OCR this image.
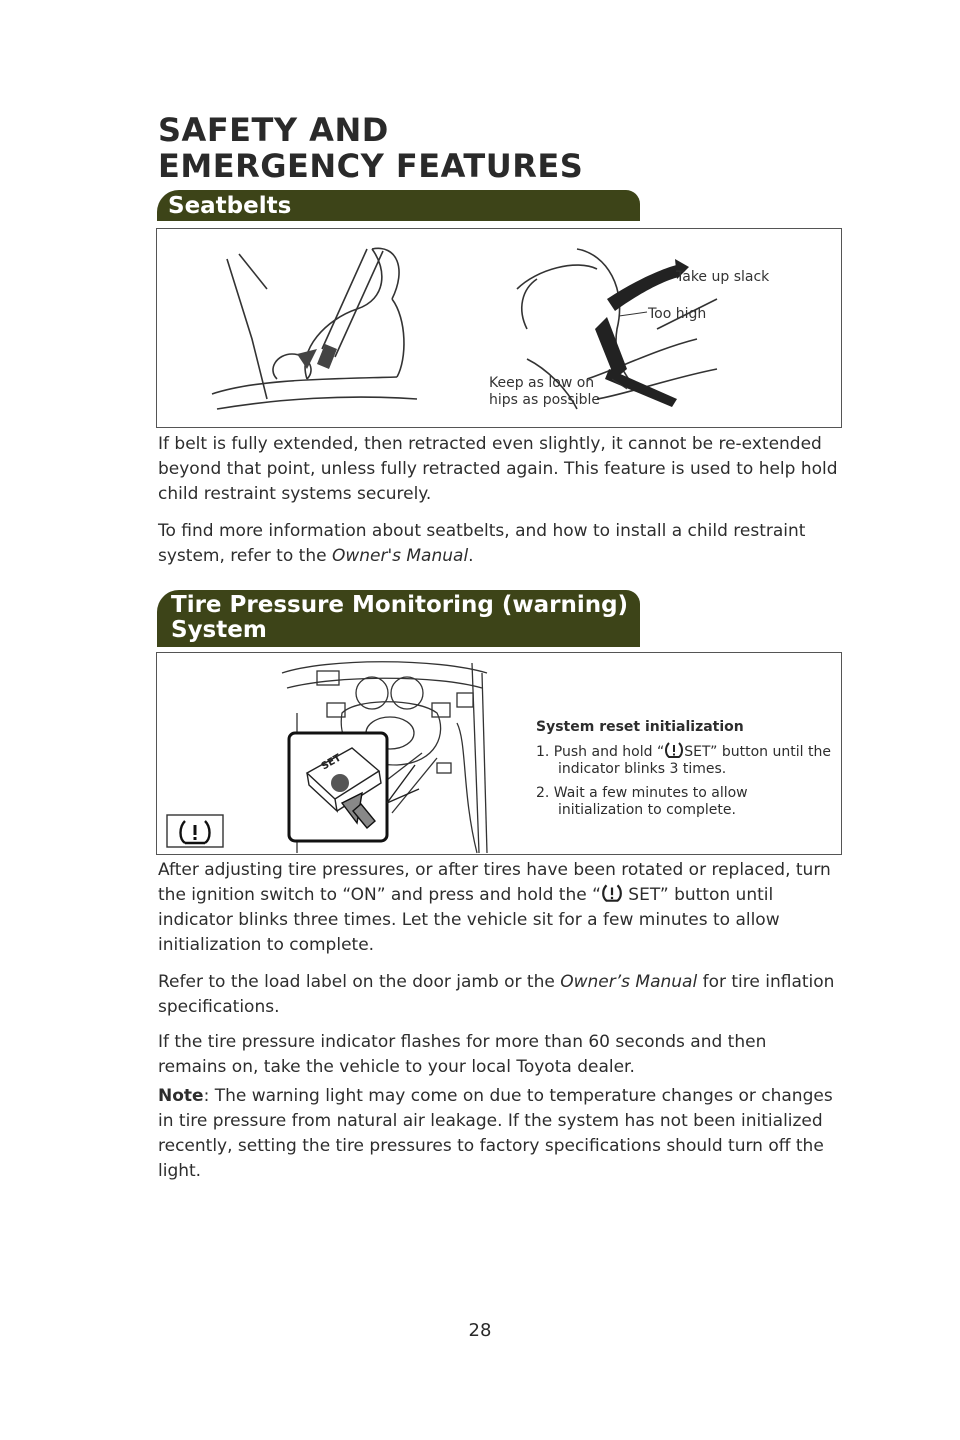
SAFETY AND
EMERGENCY FEATURES
Seatbelts
Take up slack
Too high
Keep as low on
hips as possible

If belt is fully extended, then retracted even slightly, it cannot be re-extended beyond that point, unless fully retracted again. This feature is used to help hold child restraint systems securely.

To find more information about seatbelts, and how to install a child restraint system, refer to the Owner's Manual.

Tire Pressure Monitoring (warning)
System
SET
System reset initialization
1. Push and hold “ SET” button until the indicator blinks 3 times.
2. Wait a few minutes to allow initialization to complete.

After adjusting tire pressures, or after tires have been rotated or replaced, turn the ignition switch to “ON” and press and hold the “ SET” button until indicator blinks three times. Let the vehicle sit for a few minutes to allow initialization to complete.

Refer to the load label on the door jamb or the Owner’s Manual for tire inflation specifications.

If the tire pressure indicator flashes for more than 60 seconds and then remains on, take the vehicle to your local Toyota dealer.

Note: The warning light may come on due to temperature changes or changes in tire pressure from natural air leakage. If the system has not been initialized recently, setting the tire pressures to factory specifications should turn off the light.

28
